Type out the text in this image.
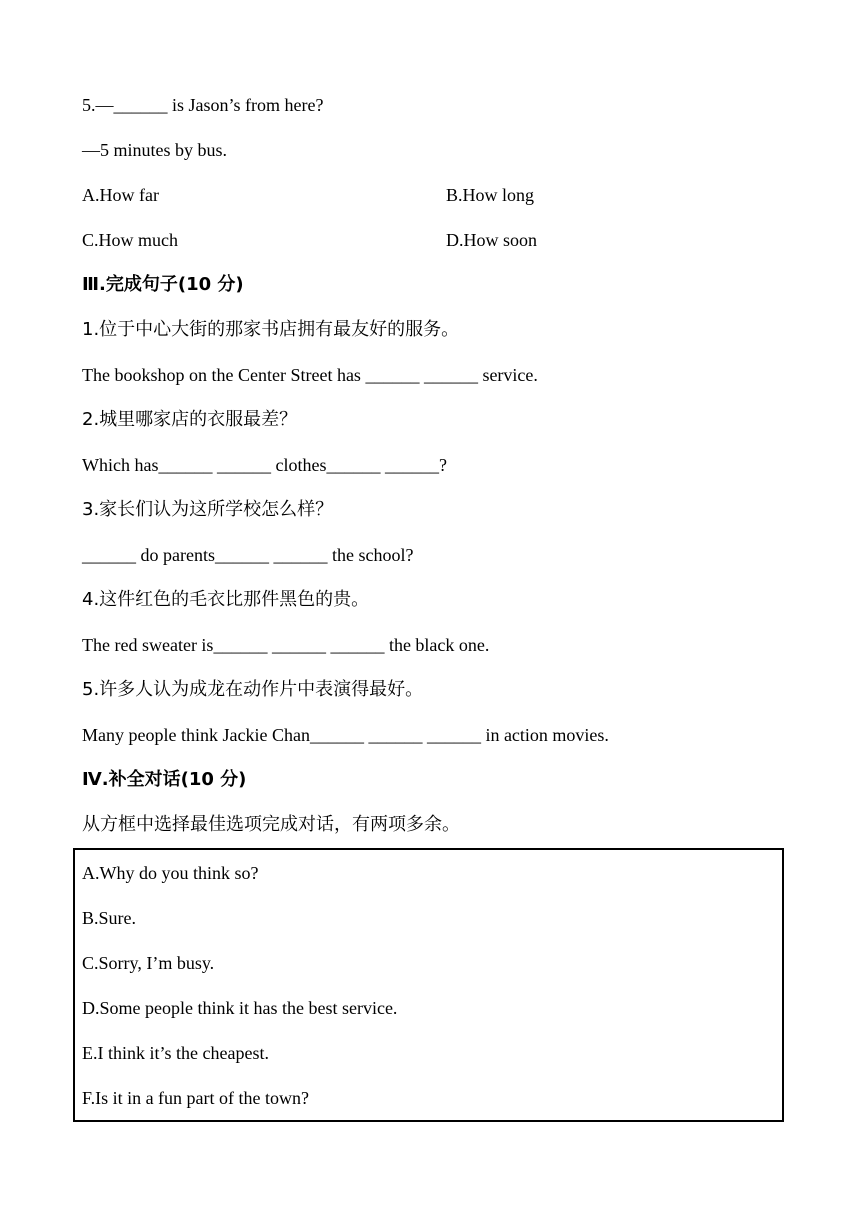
5.—______ is Jason’s from here?
—5 minutes by bus.
A.How far	B.How long
C.How much	D.How soon
Ⅲ.完成句子(10 分)
1.位于中心大街的那家书店拥有最友好的服务。
The bookshop on the Center Street has ______ ______ service.
2.城里哪家店的衣服最差？
Which has______ ______ clothes______ ______?
3.家长们认为这所学校怎么样？
______ do parents______ ______ the school?
4.这件红色的毛衣比那件黑色的贵。
The red sweater is______ ______ ______ the black one.
5.许多人认为成龙在动作片中表演得最好。
Many people think Jackie Chan______ ______ ______ in action movies.
Ⅳ.补全对话(10 分)
从方框中选择最佳选项完成对话，有两项多余。
A.Why do you think so?
B.Sure.
C.Sorry, I’m busy.
D.Some people think it has the best service.
E.I think it’s the cheapest.
F.Is it in a fun part of the town?
